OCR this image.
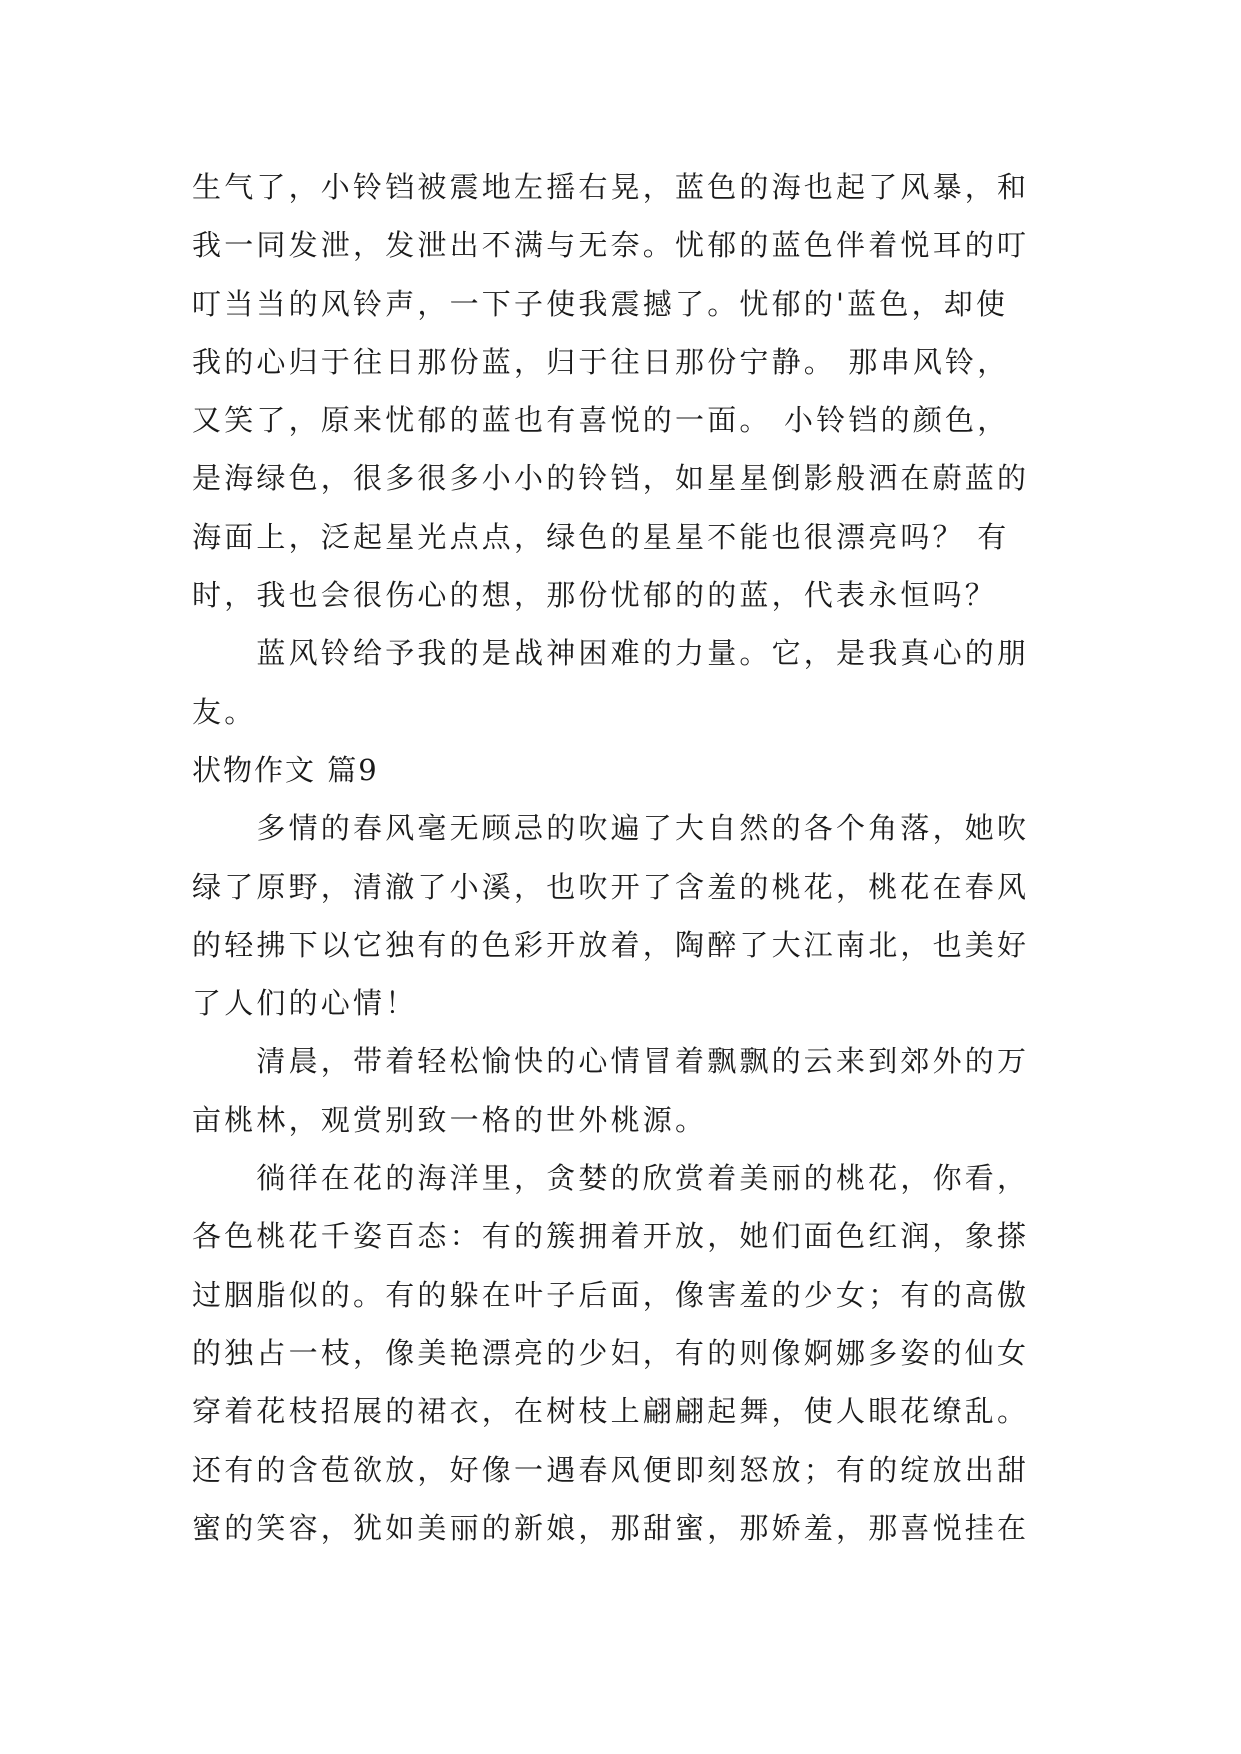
生气了，小铃铛被震地左摇右晃，蓝色的海也起了风暴，和
我一同发泄，发泄出不满与无奈。忧郁的蓝色伴着悦耳的叮
叮当当的风铃声，一下子使我震撼了。忧郁的'蓝色，却使
我的心归于往日那份蓝，归于往日那份宁静。 那串风铃，
又笑了，原来忧郁的蓝也有喜悦的一面。 小铃铛的颜色，
是海绿色，很多很多小小的铃铛，如星星倒影般洒在蔚蓝的
海面上，泛起星光点点，绿色的星星不能也很漂亮吗？ 有
时，我也会很伤心的想，那份忧郁的的蓝，代表永恒吗？
　　蓝风铃给予我的是战神困难的力量。它，是我真心的朋
友。
状物作文 篇9
　　多情的春风毫无顾忌的吹遍了大自然的各个角落，她吹
绿了原野，清澈了小溪，也吹开了含羞的桃花，桃花在春风
的轻拂下以它独有的色彩开放着，陶醉了大江南北，也美好
了人们的心情！
　　清晨，带着轻松愉快的心情冒着飘飘的云来到郊外的万
亩桃林，观赏别致一格的世外桃源。
　　徜徉在花的海洋里，贪婪的欣赏着美丽的桃花，你看，
各色桃花千姿百态：有的簇拥着开放，她们面色红润，象搽
过胭脂似的。有的躲在叶子后面，像害羞的少女；有的高傲
的独占一枝，像美艳漂亮的少妇，有的则像婀娜多姿的仙女
穿着花枝招展的裙衣，在树枝上翩翩起舞，使人眼花缭乱。
还有的含苞欲放，好像一遇春风便即刻怒放；有的绽放出甜
蜜的笑容，犹如美丽的新娘，那甜蜜，那娇羞，那喜悦挂在
